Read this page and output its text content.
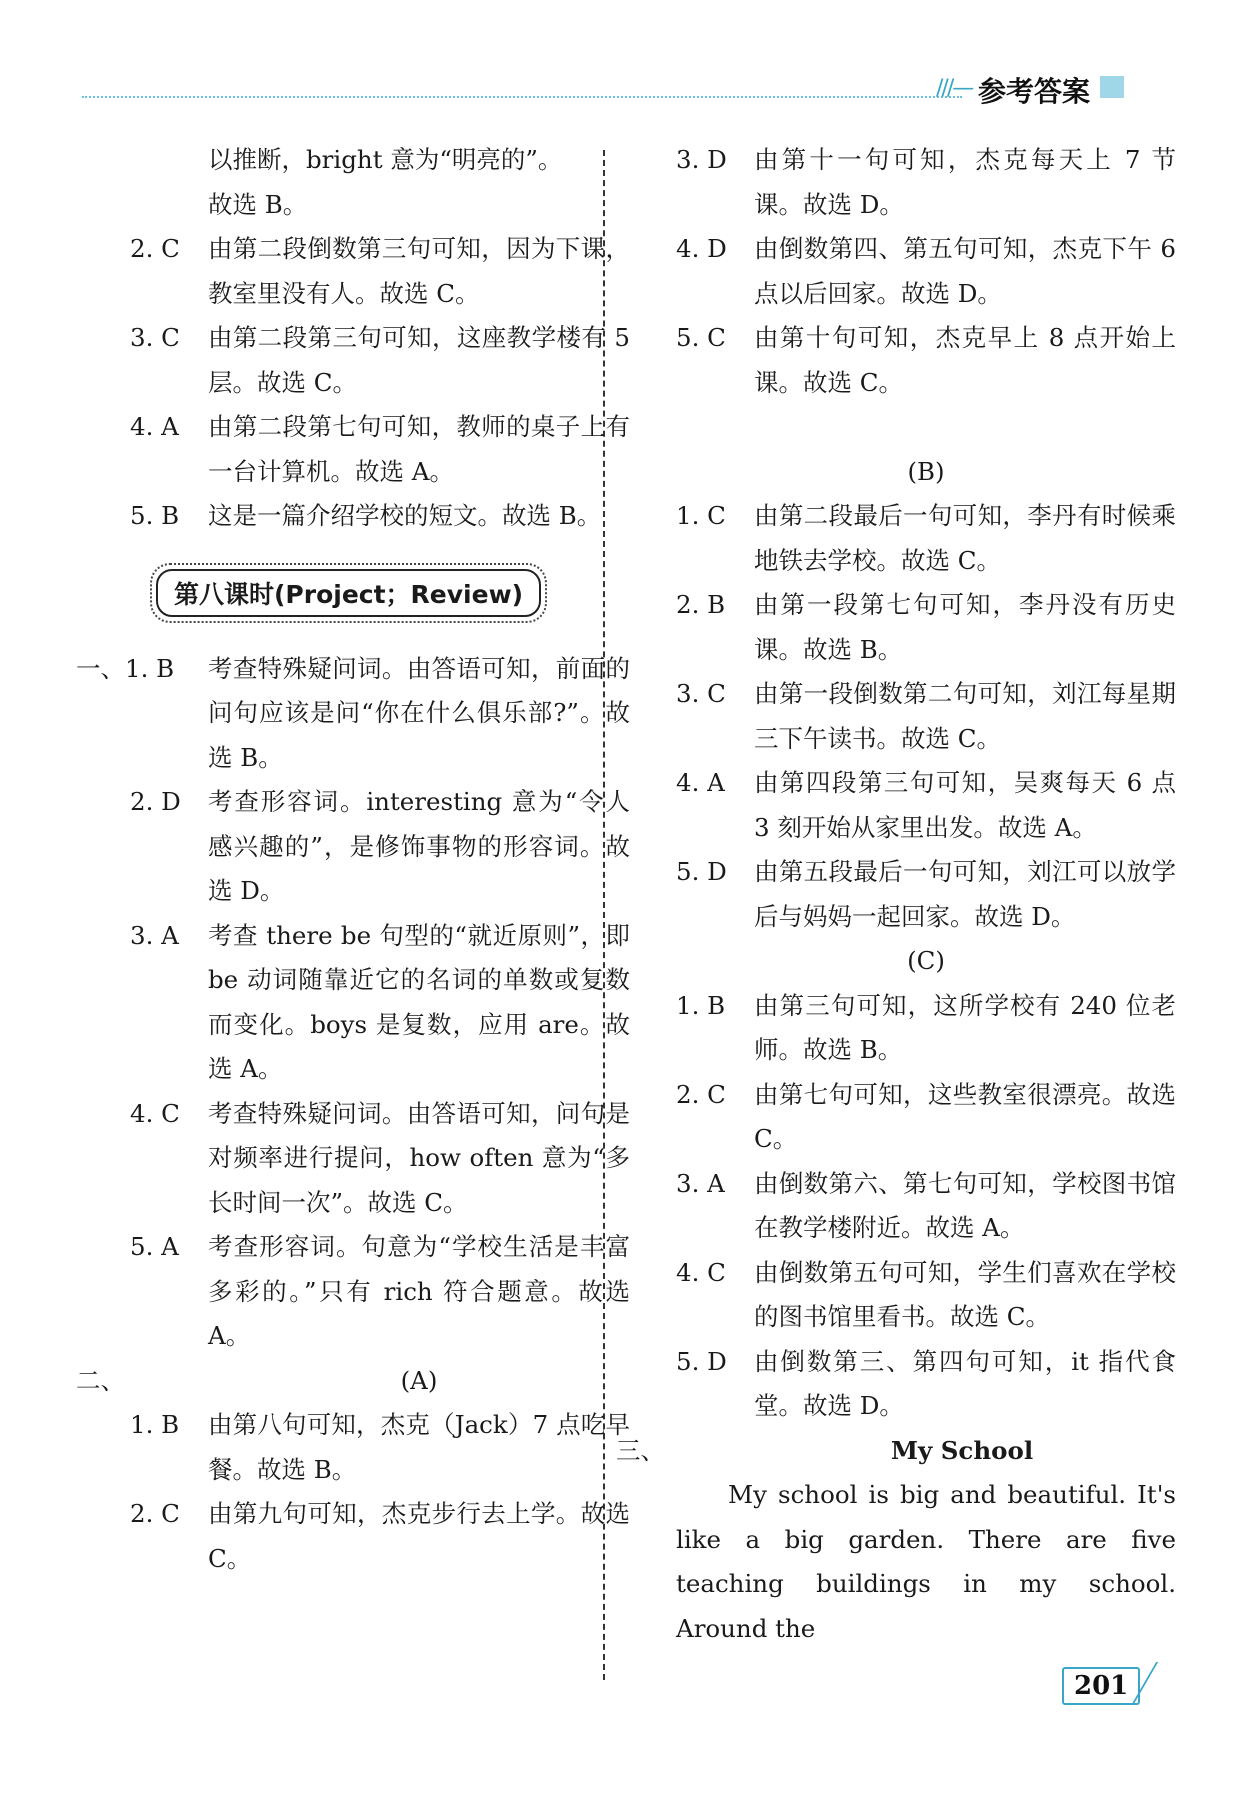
///— 参考答案
以推断，bright 意为“明亮的”。
故选 B。
2. C	由第二段倒数第三句可知，因为下课，教室里没有人。故选 C。
3. C	由第二段第三句可知，这座教学楼有 5 层。故选 C。
4. A	由第二段第七句可知，教师的桌子上有一台计算机。故选 A。
5. B	这是一篇介绍学校的短文。故选 B。
第八课时(Project；Review)
一、1. B	考查特殊疑问词。由答语可知，前面的问句应该是问“你在什么俱乐部?”。故选 B。
2. D	考查形容词。interesting 意为“令人感兴趣的”，是修饰事物的形容词。故选 D。
3. A	考查 there be 句型的“就近原则”，即 be 动词随靠近它的名词的单数或复数而变化。boys 是复数，应用 are。故选 A。
4. C	考查特殊疑问词。由答语可知，问句是对频率进行提问，how often 意为“多长时间一次”。故选 C。
5. A	考查形容词。句意为“学校生活是丰富多彩的。”只有 rich 符合题意。故选 A。
二、	(A)
1. B	由第八句可知，杰克（Jack）7 点吃早餐。故选 B。
2. C	由第九句可知，杰克步行去上学。故选 C。
3. D	由第十一句可知，杰克每天上 7 节课。故选 D。
4. D	由倒数第四、第五句可知，杰克下午 6 点以后回家。故选 D。
5. C	由第十句可知，杰克早上 8 点开始上课。故选 C。
(B)
1. C	由第二段最后一句可知，李丹有时候乘地铁去学校。故选 C。
2. B	由第一段第七句可知，李丹没有历史课。故选 B。
3. C	由第一段倒数第二句可知，刘江每星期三下午读书。故选 C。
4. A	由第四段第三句可知，吴爽每天 6 点 3 刻开始从家里出发。故选 A。
5. D	由第五段最后一句可知，刘江可以放学后与妈妈一起回家。故选 D。
(C)
1. B	由第三句可知，这所学校有 240 位老师。故选 B。
2. C	由第七句可知，这些教室很漂亮。故选 C。
3. A	由倒数第六、第七句可知，学校图书馆在教学楼附近。故选 A。
4. C	由倒数第五句可知，学生们喜欢在学校的图书馆里看书。故选 C。
5. D	由倒数第三、第四句可知，it 指代食堂。故选 D。
三、	My School
My school is big and beautiful. It's like a big garden. There are five teaching buildings in my school. Around the
201
